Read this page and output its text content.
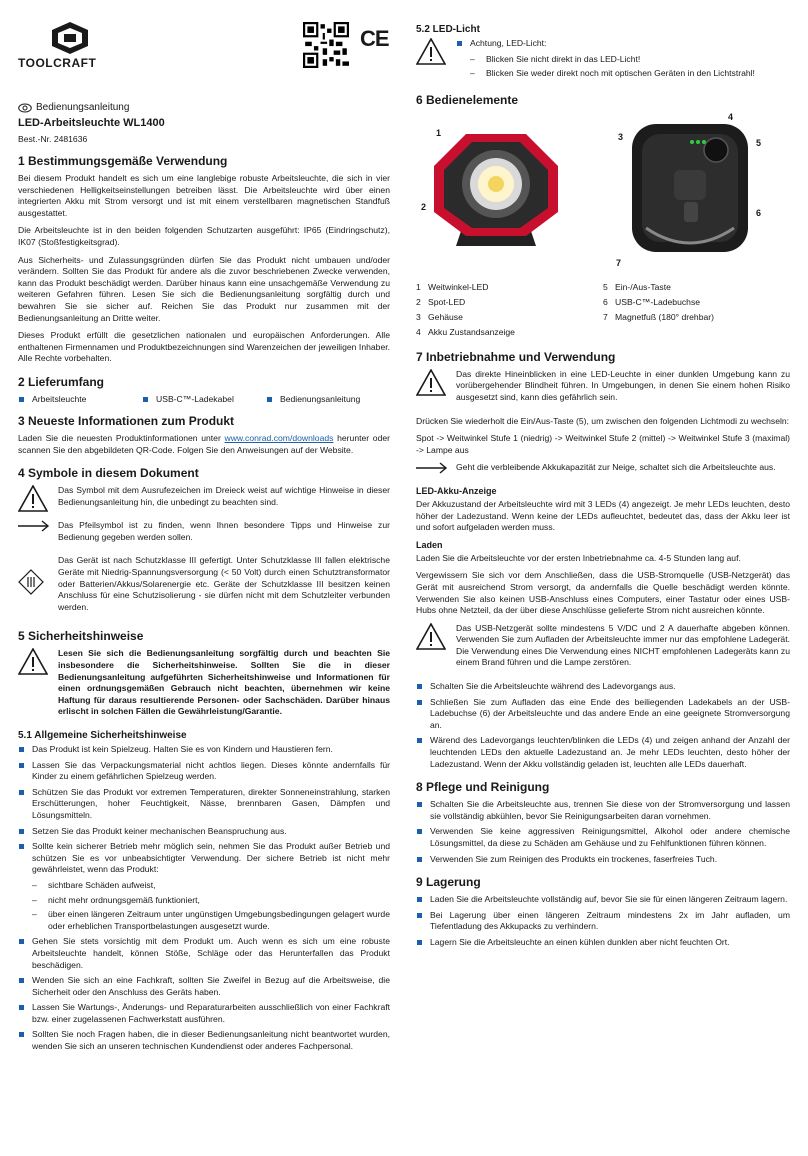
TOOLCRAFT
CE
Bedienungsanleitung
LED-Arbeitsleuchte WL1400
Best.-Nr. 2481636
1 Bestimmungsgemäße Verwendung

Bei diesem Produkt handelt es sich um eine langlebige robuste Arbeitsleuchte, die sich in vier verschiedenen Helligkeitseinstellungen betreiben lässt. Die Arbeitsleuchte wird über einen integrierten Akku mit Strom versorgt und ist mit einem verstellbaren magnetischen Standfuß ausgestattet.

Die Arbeitsleuchte ist in den beiden folgenden Schutzarten ausgeführt: IP65 (Eindringschutz), IK07 (Stoßfestigkeitsgrad).

Aus Sicherheits- und Zulassungsgründen dürfen Sie das Produkt nicht umbauen und/oder verändern. Sollten Sie das Produkt für andere als die zuvor beschriebenen Zwecke verwenden, kann das Produkt beschädigt werden. Darüber hinaus kann eine unsachgemäße Verwendung zu weiteren Gefahren führen. Lesen Sie sich die Bedienungsanleitung sorgfältig durch und bewahren Sie sie sicher auf. Reichen Sie das Produkt nur zusammen mit der Bedienungsanleitung an Dritte weiter.

Dieses Produkt erfüllt die gesetzlichen nationalen und europäischen Anforderungen. Alle enthaltenen Firmennamen und Produktbezeichnungen sind Warenzeichen der jeweiligen Inhaber. Alle Rechte vorbehalten.

2 Lieferumfang
Arbeitsleuchte	USB-C™-Ladekabel	Bedienungsanleitung
3 Neueste Informationen zum Produkt

Laden Sie die neuesten Produktinformationen unter www.conrad.com/downloads herunter oder scannen Sie den abgebildeten QR-Code. Folgen Sie den Anweisungen auf der Website.

4 Symbole in diesem Dokument

Das Symbol mit dem Ausrufezeichen im Dreieck weist auf wichtige Hinweise in dieser Bedienungsanleitung hin, die unbedingt zu beachten sind.

Das Pfeilsymbol ist zu finden, wenn Ihnen besondere Tipps und Hinweise zur Bedienung gegeben werden sollen.

Das Gerät ist nach Schutzklasse III gefertigt. Unter Schutzklasse III fallen elektrische Geräte mit Niedrig-Spannungsversorgung (< 50 Volt) durch einen Schutztransformator oder Batterien/Akkus/Solarenergie etc. Geräte der Schutzklasse III besitzen keinen Anschluss für eine Schutzisolierung - sie dürfen nicht mit dem Schutzleiter verbunden werden.

5 Sicherheitshinweise

Lesen Sie sich die Bedienungsanleitung sorgfältig durch und beachten Sie insbesondere die Sicherheitshinweise. Sollten Sie die in dieser Bedienungsanleitung aufgeführten Sicherheitshinweise und Informationen für einen ordnungsgemäßen Gebrauch nicht beachten, übernehmen wir keine Haftung für daraus resultierende Personen- oder Sachschäden. Darüber hinaus erlischt in solchen Fällen die Gewährleistung/Garantie.

5.1 Allgemeine Sicherheitshinweise
Das Produkt ist kein Spielzeug. Halten Sie es von Kindern und Haustieren fern.
Lassen Sie das Verpackungsmaterial nicht achtlos liegen. Dieses könnte andernfalls für Kinder zu einem gefährlichen Spielzeug werden.
Schützen Sie das Produkt vor extremen Temperaturen, direkter Sonneneinstrahlung, starken Erschütterungen, hoher Feuchtigkeit, Nässe, brennbaren Gasen, Dämpfen und Lösungsmitteln.
Setzen Sie das Produkt keiner mechanischen Beanspruchung aus.
Sollte kein sicherer Betrieb mehr möglich sein, nehmen Sie das Produkt außer Betrieb und schützen Sie es vor unbeabsichtigter Verwendung. Der sichere Betrieb ist nicht mehr gewährleistet, wenn das Produkt:
– sichtbare Schäden aufweist,
– nicht mehr ordnungsgemäß funktioniert,
– über einen längeren Zeitraum unter ungünstigen Umgebungsbedingungen gelagert wurde oder erheblichen Transportbelastungen ausgesetzt wurde.
Gehen Sie stets vorsichtig mit dem Produkt um. Auch wenn es sich um eine robuste Arbeitsleuchte handelt, können Stöße, Schläge oder das Herunterfallen das Produkt beschädigen.
Wenden Sie sich an eine Fachkraft, sollten Sie Zweifel in Bezug auf die Arbeitsweise, die Sicherheit oder den Anschluss des Geräts haben.
Lassen Sie Wartungs-, Änderungs- und Reparaturarbeiten ausschließlich von einer Fachkraft bzw. einer zugelassenen Fachwerkstatt ausführen.
Sollten Sie noch Fragen haben, die in dieser Bedienungsanleitung nicht beantwortet wurden, wenden Sie sich an unseren technischen Kundendienst oder anderes Fachpersonal.
5.2 LED-Licht
Achtung, LED-Licht:
– Blicken Sie nicht direkt in das LED-Licht!
– Blicken Sie weder direkt noch mit optischen Geräten in den Lichtstrahl!
6 Bedienelemente
1
2
3
4
5
6
7
1 Weitwinkel-LED
2 Spot-LED
3 Gehäuse
4 Akku Zustandsanzeige
5 Ein-/Aus-Taste
6 USB-C™-Ladebuchse
7 Magnetfuß (180° drehbar)
7 Inbetriebnahme und Verwendung

Das direkte Hineinblicken in eine LED-Leuchte in einer dunklen Umgebung kann zu vorübergehender Blindheit führen. In Umgebungen, in denen Sie einem hohen Risiko ausgesetzt sind, kann dies gefährlich sein.

Drücken Sie wiederholt die Ein/Aus-Taste (5), um zwischen den folgenden Lichtmodi zu wechseln:

Spot -> Weitwinkel Stufe 1 (niedrig) -> Weitwinkel Stufe 2 (mittel) -> Weitwinkel Stufe 3 (maximal) -> Lampe aus

Geht die verbleibende Akkukapazität zur Neige, schaltet sich die Arbeitsleuchte aus.

LED-Akku-Anzeige

Der Akkuzustand der Arbeitsleuchte wird mit 3 LEDs (4) angezeigt. Je mehr LEDs leuchten, desto höher der Ladezustand. Wenn keine der LEDs aufleuchtet, bedeutet das, dass der Akku leer ist und sofort aufgeladen werden muss.

Laden

Laden Sie die Arbeitsleuchte vor der ersten Inbetriebnahme ca. 4-5 Stunden lang auf.

Vergewissern Sie sich vor dem Anschließen, dass die USB-Stromquelle (USB-Netzgerät) das Gerät mit ausreichend Strom versorgt, da andernfalls die Quelle beschädigt werden könnte. Verwenden Sie also keinen USB-Anschluss eines Computers, einer Tastatur oder eines USB-Hubs ohne Netzteil, da der über diese Anschlüsse gelieferte Strom nicht ausreichen könnte.

Das USB-Netzgerät sollte mindestens 5 V/DC und 2 A dauerhafte abgeben können. Verwenden Sie zum Aufladen der Arbeitsleuchte immer nur das empfohlene Ladegerät. Die Verwendung eines Die Verwendung eines NICHT empfohlenen Ladegeräts kann zu einem Brand führen und die Lampe zerstören.

Schalten Sie die Arbeitsleuchte während des Ladevorgangs aus.
Schließen Sie zum Aufladen das eine Ende des beiliegenden Ladekabels an der USB-Ladebuchse (6) der Arbeitsleuchte und das andere Ende an eine geeignete Stromversorgung an.
Wärend des Ladevorgangs leuchten/blinken die LEDs (4) und zeigen anhand der Anzahl der leuchtenden LEDs den aktuelle Ladezustand an. Je mehr LEDs leuchten, desto höher der Ladezustand. Wenn der Akku vollständig geladen ist, leuchten alle LEDs dauerhaft.
8 Pflege und Reinigung
Schalten Sie die Arbeitsleuchte aus, trennen Sie diese von der Stromversorgung und lassen sie vollständig abkühlen, bevor Sie Reinigungsarbeiten daran vornehmen.
Verwenden Sie keine aggressiven Reinigungsmittel, Alkohol oder andere chemische Lösungsmittel, da diese zu Schäden am Gehäuse und zu Fehlfunktionen führen können.
Verwenden Sie zum Reinigen des Produkts ein trockenes, faserfreies Tuch.
9 Lagerung
Laden Sie die Arbeitsleuchte vollständig auf, bevor Sie sie für einen längeren Zeitraum lagern.
Bei Lagerung über einen längeren Zeitraum mindestens 2x im Jahr aufladen, um Tiefentladung des Akkupacks zu verhindern.
Lagern Sie die Arbeitsleuchte an einen kühlen dunklen aber nicht feuchten Ort.
